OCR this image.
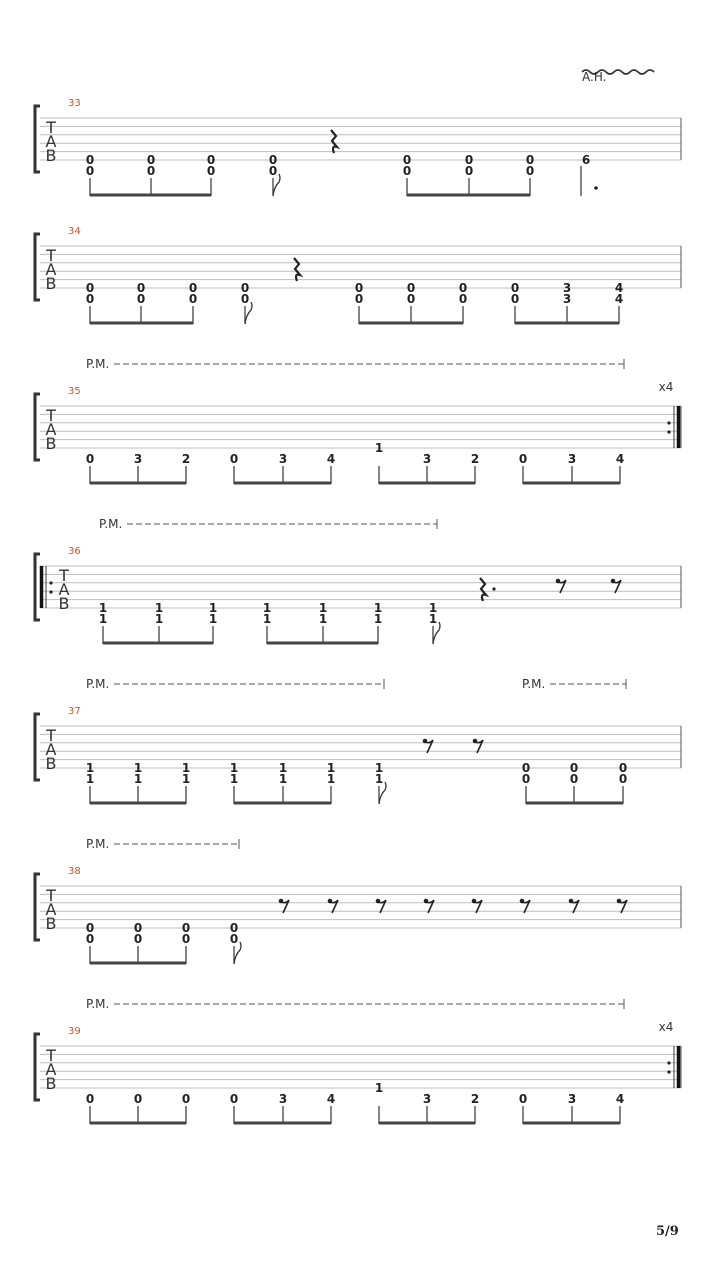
T
A
B
33
0
0
0
0
0
0
0
0
0
0
0
0
0
0
6
T
A
B
34
0
0
0
0
0
0
0
0
0
0
0
0
0
0
0
0
3
3
4
4
T
A
B
35
0	3	2	0	3	4
1
3	2	0	3	4
T
A
B
36
1
1
1
1
1
1
1
1
1
1
1
1
1
1
T
A
B
37
1
1
1
1
1
1
1
1
1
1
1
1
1
1
0
0
0
0
0
0
T
A
B
38
0
0
0
0
0
0
0
0
T
A
B
39
0	0	0	0	3	4
1
3	2	0	3	4
x4
x4
P.M.
P.M.
P.M.	P.M.
P.M.
P.M.
A.H.
5/9
